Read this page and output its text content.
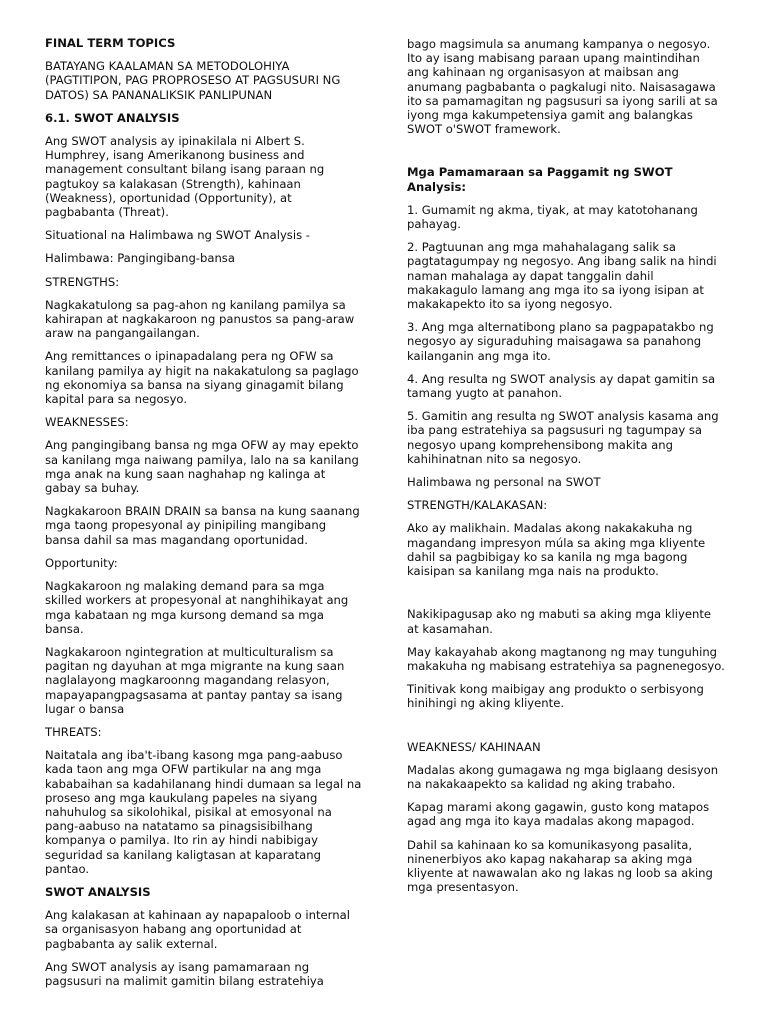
FINAL TERM TOPICS

BATAYANG KAALAMAN SA METODOLOHIYA (PAGTITIPON, PAG PROPROSESO AT PAGSUSURI NG DATOS) SA PANANALIKSIK PANLIPUNAN

6.1. SWOT ANALYSIS

Ang SWOT analysis ay ipinakilala ni Albert S. Humphrey, isang Amerikanong business and management consultant bilang isang paraan ng pagtukoy sa kalakasan (Strength), kahinaan (Weakness), oportunidad (Opportunity), at pagbabanta (Threat).

Situational na Halimbawa ng SWOT Analysis -

Halimbawa: Pangingibang-bansa

STRENGTHS:

Nagkakatulong sa pag-ahon ng kanilang pamilya sa kahirapan at nagkakaroon ng panustos sa pang-araw araw na pangangailangan.

Ang remittances o ipinapadalang pera ng OFW sa kanilang pamilya ay higit na nakakatulong sa paglago ng ekonomiya sa bansa na siyang ginagamit bilang kapital para sa negosyo.

WEAKNESSES:

Ang pangingibang bansa ng mga OFW ay may epekto sa kanilang mga naiwang pamilya, lalo na sa kanilang mga anak na kung saan naghahap ng kalinga at gabay sa buhay.

Nagkakaroon BRAIN DRAIN sa bansa na kung saanang mga taong propesyonal ay pinipiling mangibang bansa dahil sa mas magandang oportunidad.

Opportunity:

Nagkakaroon ng malaking demand para sa mga skilled workers at propesyonal at nanghihikayat ang mga kabataan ng mga kursong demand sa mga bansa.

Nagkakaroon ngintegration at multiculturalism sa pagitan ng dayuhan at mga migrante na kung saan naglalayong magkaroonng magandang relasyon, mapayapangpagsasama at pantay pantay sa isang lugar o bansa

THREATS:

Naitatala ang iba't-ibang kasong mga pang-aabuso kada taon ang mga OFW partikular na ang mga kababaihan sa kadahilanang hindi dumaan sa legal na proseso ang mga kaukulang papeles na siyang nahuhulog sa sikolohikal, pisikal at emosyonal na pang-aabuso na natatamo sa pinagsisibilhang kompanya o pamilya. Ito rin ay hindi nabibigay seguridad sa kanilang kaligtasan at kaparatang pantao.

SWOT ANALYSIS

Ang kalakasan at kahinaan ay napapaloob o internal sa organisasyon habang ang oportunidad at pagbabanta ay salik external.

Ang SWOT analysis ay isang pamamaraan ng pagsusuri na malimit gamitin bilang estratehiya

bago magsimula sa anumang kampanya o negosyo. Ito ay isang mabisang paraan upang maintindihan ang kahinaan ng organisasyon at maibsan ang anumang pagbabanta o pagkalugi nito. Naisasagawa ito sa pamamagitan ng pagsusuri sa iyong sarili at sa iyong mga kakumpetensiya gamit ang balangkas SWOT o'SWOT framework.

Mga Pamamaraan sa Paggamit ng SWOT Analysis:

1. Gumamit ng akma, tiyak, at may katotohanang pahayag.

2. Pagtuunan ang mga mahahalagang salik sa pagtatagumpay ng negosyo. Ang ibang salik na hindi naman mahalaga ay dapat tanggalin dahil makakagulo lamang ang mga ito sa iyong isipan at makakapekto ito sa iyong negosyo.

3. Ang mga alternatibong plano sa pagpapatakbo ng negosyo ay siguraduhing maisagawa sa panahong kailanganin ang mga ito.

4. Ang resulta ng SWOT analysis ay dapat gamitin sa tamang yugto at panahon.

5. Gamitin ang resulta ng SWOT analysis kasama ang iba pang estratehiya sa pagsusuri ng tagumpay sa negosyo upang komprehensibong makita ang kahihinatnan nito sa negosyo.

Halimbawa ng personal na SWOT

STRENGTH/KALAKASAN:

Ako ay malikhain. Madalas akong nakakakuha ng magandang impresyon múla sa aking mga kliyente dahil sa pagbibigay ko sa kanila ng mga bagong kaisipan sa kanilang mga nais na produkto.

Nakikipagusap ako ng mabuti sa aking mga kliyente at kasamahan.

May kakayahab akong magtanong ng may tunguhing makakuha ng mabisang estratehiya sa pagnenegosyo.

Tinitivak kong maibigay ang produkto o serbisyong hinihingi ng aking kliyente.

WEAKNESS/ KAHINAAN

Madalas akong gumagawa ng mga biglaang desisyon na nakakaapekto sa kalidad ng aking trabaho.

Kapag marami akong gagawin, gusto kong matapos agad ang mga ito kaya madalas akong mapagod.

Dahil sa kahinaan ko sa komunikasyong pasalita, ninenerbiyos ako kapag nakaharap sa aking mga kliyente at nawawalan ako ng lakas ng loob sa aking mga presentasyon.
